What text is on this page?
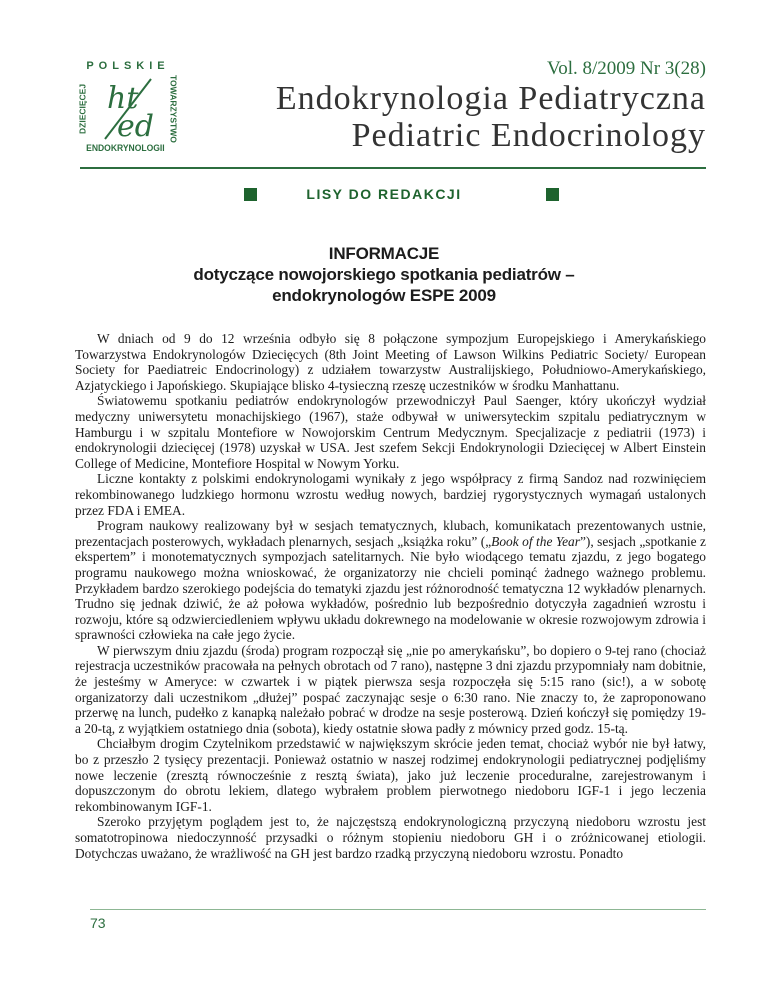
POLSKIE
DZIECIĘCEJ ht
ed TOWARZYSTWO
ENDOKRYNOLOGII
Vol. 8/2009 Nr 3(28)
Endokrynologia Pediatryczna
Pediatric Endocrinology
LISY DO REDAKCJI
INFORMACJE
dotyczące nowojorskiego spotkania pediatrów –
endokrynologów ESPE 2009

W dniach od 9 do 12 września odbyło się 8 połączone sympozjum Europejskiego i Amerykańskiego Towarzystwa Endokrynologów Dziecięcych (8th Joint Meeting of Lawson Wilkins Pediatric Society/ European Society for Paediatreic Endocrinology) z udziałem towarzystw Australijskiego, Południowo-Amerykańskiego, Azjatyckiego i Japońskiego. Skupiające blisko 4-tysieczną rzeszę uczestników w środku Manhattanu.

Światowemu spotkaniu pediatrów endokrynologów przewodniczył Paul Saenger, który ukończył wydział medyczny uniwersytetu monachijskiego (1967), staże odbywał w uniwersyteckim szpitalu pediatrycznym w Hamburgu i w szpitalu Montefiore w Nowojorskim Centrum Medycznym. Specjalizacje z pediatrii (1973) i endokrynologii dziecięcej (1978) uzyskał w USA. Jest szefem Sekcji Endokrynologii Dziecięcej w Albert Einstein College of Medicine, Montefiore Hospital w Nowym Yorku.

Liczne kontakty z polskimi endokrynologami wynikały z jego współpracy z firmą Sandoz nad rozwinięciem rekombinowanego ludzkiego hormonu wzrostu według nowych, bardziej rygorystycznych wymagań ustalonych przez FDA i EMEA.

Program naukowy realizowany był w sesjach tematycznych, klubach, komunikatach prezentowanych ustnie, prezentacjach posterowych, wykładach plenarnych, sesjach „książka roku” („Book of the Year”), sesjach „spotkanie z ekspertem” i monotematycznych sympozjach satelitarnych. Nie było wiodącego tematu zjazdu, z jego bogatego programu naukowego można wnioskować, że organizatorzy nie chcieli pominąć żadnego ważnego problemu. Przykładem bardzo szerokiego podejścia do tematyki zjazdu jest różnorodność tematyczna 12 wykładów plenarnych. Trudno się jednak dziwić, że aż połowa wykładów, pośrednio lub bezpośrednio dotyczyła zagadnień wzrostu i rozwoju, które są odzwierciedleniem wpływu układu dokrewnego na modelowanie w okresie rozwojowym zdrowia i sprawności człowieka na całe jego życie.

W pierwszym dniu zjazdu (środa) program rozpoczął się „nie po amerykańsku”, bo dopiero o 9-tej rano (chociaż rejestracja uczestników pracowała na pełnych obrotach od 7 rano), następne 3 dni zjazdu przypomniały nam dobitnie, że jesteśmy w Ameryce: w czwartek i w piątek pierwsza sesja rozpoczęła się 5:15 rano (sic!), a w sobotę organizatorzy dali uczestnikom „dłużej” pospać zaczynając sesje o 6:30 rano. Nie znaczy to, że zaproponowano przerwę na lunch, pudełko z kanapką należało pobrać w drodze na sesje posterową. Dzień kończył się pomiędzy 19- a 20-tą, z wyjątkiem ostatniego dnia (sobota), kiedy ostatnie słowa padły z mównicy przed godz. 15-tą.

Chciałbym drogim Czytelnikom przedstawić w największym skrócie jeden temat, chociaż wybór nie był łatwy, bo z przeszło 2 tysięcy prezentacji. Ponieważ ostatnio w naszej rodzimej endokrynologii pediatrycznej podjęliśmy nowe leczenie (zresztą równocześnie z resztą świata), jako już leczenie proceduralne, zarejestrowanym i dopuszczonym do obrotu lekiem, dlatego wybrałem problem pierwotnego niedoboru IGF-1 i jego leczenia rekombinowanym IGF-1.

Szeroko przyjętym poglądem jest to, że najczęstszą endokrynologiczną przyczyną niedoboru wzrostu jest somatotropinowa niedoczynność przysadki o różnym stopieniu niedoboru GH i o zróżnicowanej etiologii. Dotychczas uważano, że wrażliwość na GH jest bardzo rzadką przyczyną niedoboru wzrostu. Ponadto

73
